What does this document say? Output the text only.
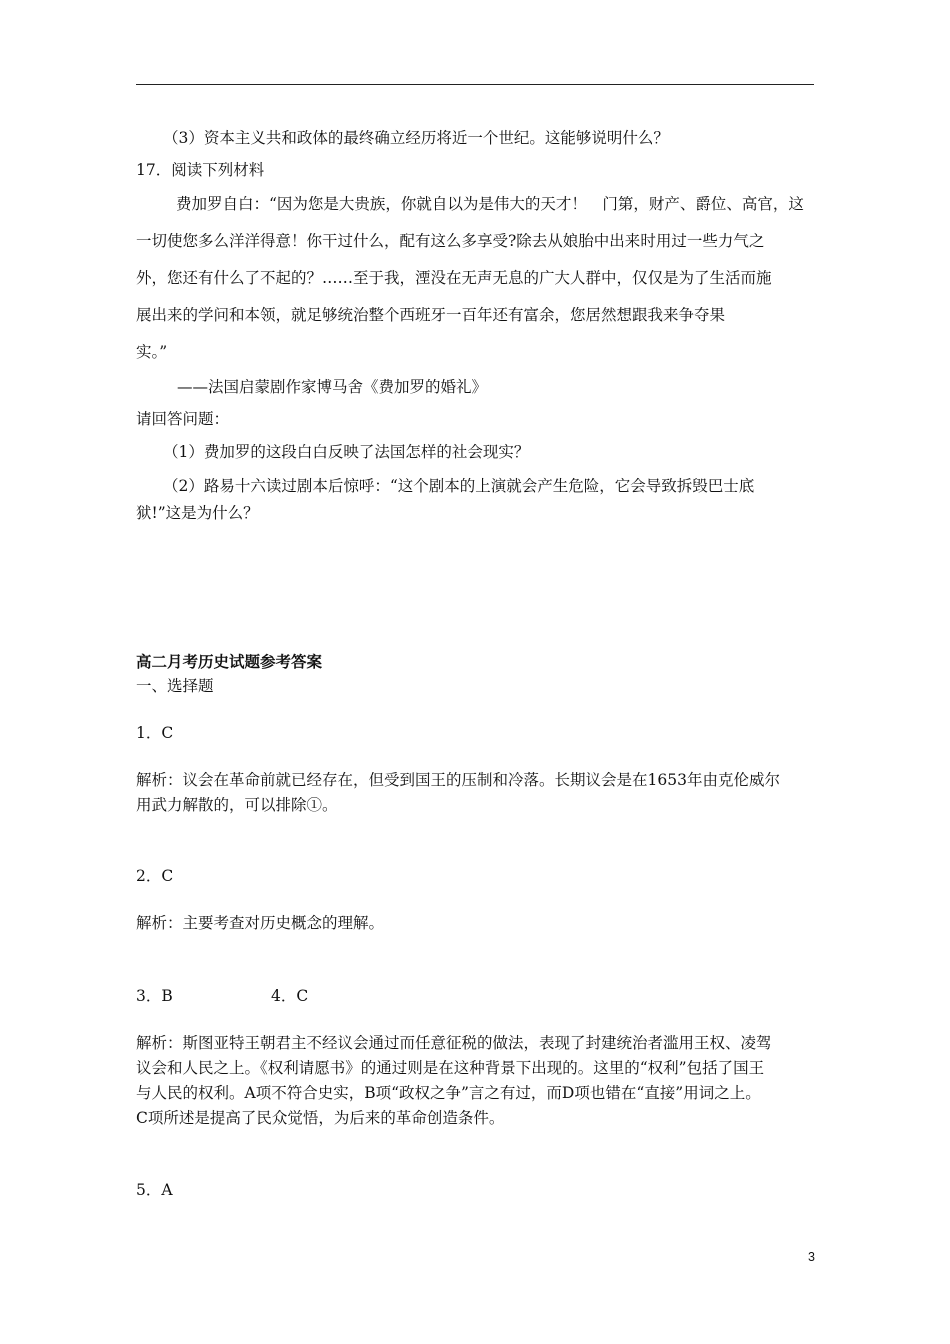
（3）资本主义共和政体的最终确立经历将近一个世纪。这能够说明什么？
17．阅读下列材料
费加罗自白：“因为您是大贵族，你就自以为是伟大的天才！　门第，财产、爵位、高官，这
一切使您多么洋洋得意！你干过什么，配有这么多享受?除去从娘胎中出来时用过一些力气之
外，您还有什么了不起的？……至于我，湮没在无声无息的广大人群中，仅仅是为了生活而施
展出来的学问和本领，就足够统治整个西班牙一百年还有富余，您居然想跟我来争夺果
实。”
——法国启蒙剧作家博马舍《费加罗的婚礼》
请回答问题：
（1）费加罗的这段白白反映了法国怎样的社会现实？
（2）路易十六读过剧本后惊呼：“这个剧本的上演就会产生危险，它会导致拆毁巴士底
狱!”这是为什么？
高二月考历史试题参考答案
一、选择题
1．C
解析：议会在革命前就已经存在，但受到国王的压制和冷落。长期议会是在1653年由克伦威尔
用武力解散的，可以排除①。
2．C
解析：主要考查对历史概念的理解。
3．B	4．C
解析：斯图亚特王朝君主不经议会通过而任意征税的做法，表现了封建统治者滥用王权、凌驾
议会和人民之上。《权利请愿书》的通过则是在这种背景下出现的。这里的“权利”包括了国王
与人民的权利。A项不符合史实，B项“政权之争”言之有过，而D项也错在“直接”用词之上。
C项所述是提高了民众觉悟，为后来的革命创造条件。
5．A
3
